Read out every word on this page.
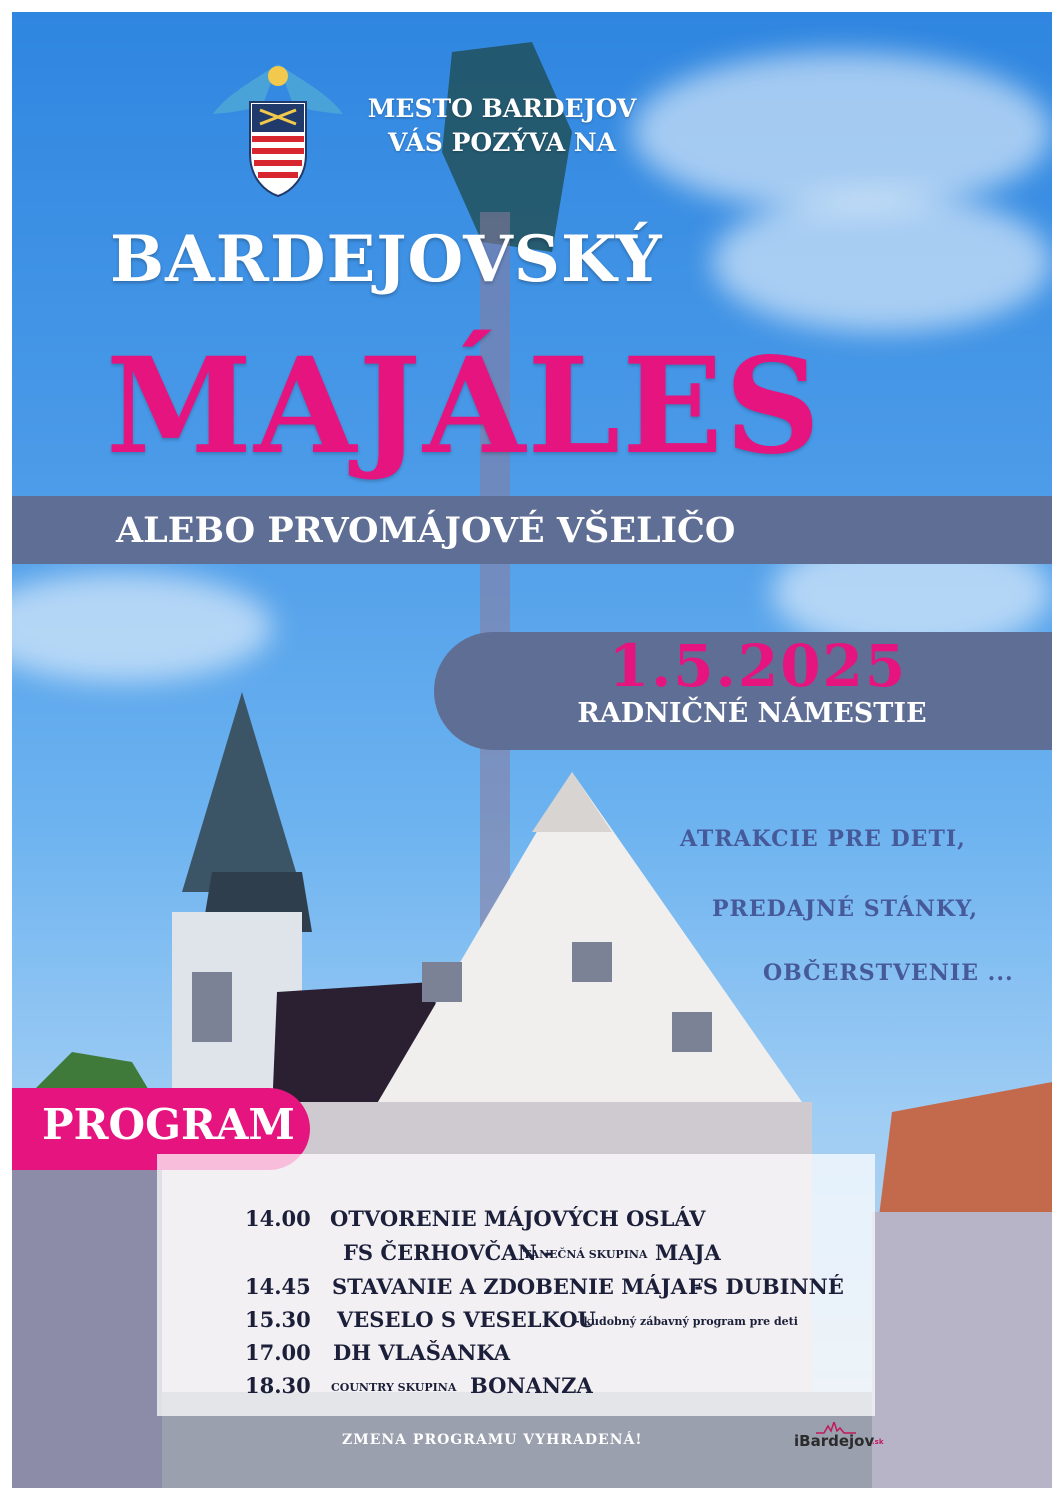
MESTO BARDEJOV
VÁS POZÝVA NA
BARDEJOVSKÝ
MAJÁLES
ALEBO PRVOMÁJOVÉ VŠELIČO
1.5.2025
RADNIČNÉ NÁMESTIE
ATRAKCIE PRE DETI,
PREDAJNÉ STÁNKY,
OBČERSTVENIE ...
PROGRAM
14.00 OTVORENIE MÁJOVÝCH OSLÁV
FS ČERHOVČAN -
TANEČNÁ SKUPINA MAJA
14.45 STAVANIE A ZDOBENIE MÁJA -
FS DUBINNÉ
15.30 VESELO S VESELKOU
- kudobný zábavný program pre deti
17.00 DH VLAŠANKA
18.30 COUNTRY SKUPINA BONANZA
ZMENA PROGRAMU VYHRADENÁ!	iBardejov
.sk
